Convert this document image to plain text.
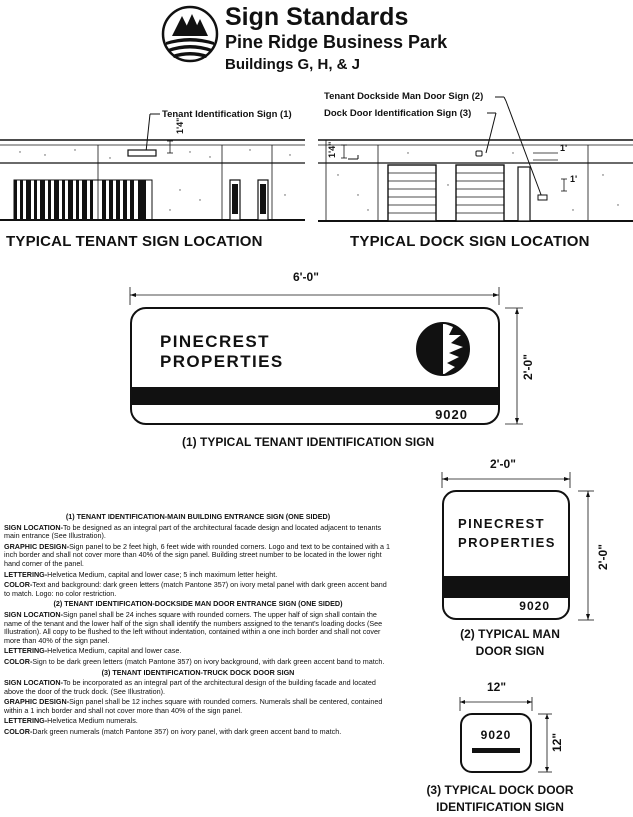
Sign Standards
Pine Ridge Business Park
Buildings G, H, & J
Tenant Identification Sign (1)
1'4"
TYPICAL TENANT SIGN LOCATION
Tenant Dockside Man Door Sign (2)
Dock Door Identification Sign (3)
1'4"	1'
1'
TYPICAL DOCK SIGN LOCATION
6'-0"
PINECREST
PROPERTIES
9020
2'-0"
(1) TYPICAL TENANT IDENTIFICATION SIGN
2'-0"
PINECREST
PROPERTIES
9020
2'-0"
(2) TYPICAL MAN
DOOR SIGN
12"
9020	12"
(3) TYPICAL DOCK DOOR
IDENTIFICATION SIGN
(1) TENANT IDENTIFICATION-MAIN BUILDING ENTRANCE SIGN (ONE SIDED)

SIGN LOCATION-To be designed as an integral part of the architectural facade design and located adjacent to tenants main entrance (See Illustration).

GRAPHIC DESIGN-Sign panel to be 2 feet high, 6 feet wide with rounded corners. Logo and text to be contained with a 1 inch border and shall not cover more than 40% of the sign panel. Building street number to be located in the lower right hand corner of the panel.

LETTERING-Helvetica Medium, capital and lower case; 5 inch maximum letter height.

COLOR-Text and background: dark green letters (match Pantone 357) on ivory metal panel with dark green accent band to match. Logo: no color restriction.

(2) TENANT IDENTIFICATION-DOCKSIDE MAN DOOR ENTRANCE SIGN (ONE SIDED)

SIGN LOCATION-Sign panel shall be 24 inches square with rounded corners. The upper half of sign shall contain the name of the tenant and the lower half of the sign shall identify the numbers assigned to the tenant's loading docks (See Illustration). All copy to be flushed to the left without indentation, contained within a one inch border and shall not cover more than 40% of the sign panel.

LETTERING-Helvetica Medium, capital and lower case.

COLOR-Sign to be dark green letters (match Pantone 357) on ivory background, with dark green accent band to match.

(3) TENANT IDENTIFICATION-TRUCK DOCK DOOR SIGN

SIGN LOCATION-To be incorporated as an integral part of the architectural design of the building facade and located above the door of the truck dock. (See Illustration).

GRAPHIC DESIGN-Sign panel shall be 12 inches square with rounded corners. Numerals shall be centered, contained within a 1 inch border and shall not cover more than 40% of the sign panel.

LETTERING-Helvetica Medium numerals.

COLOR-Dark green numerals (match Pantone 357) on ivory panel, with dark green accent band to match.
